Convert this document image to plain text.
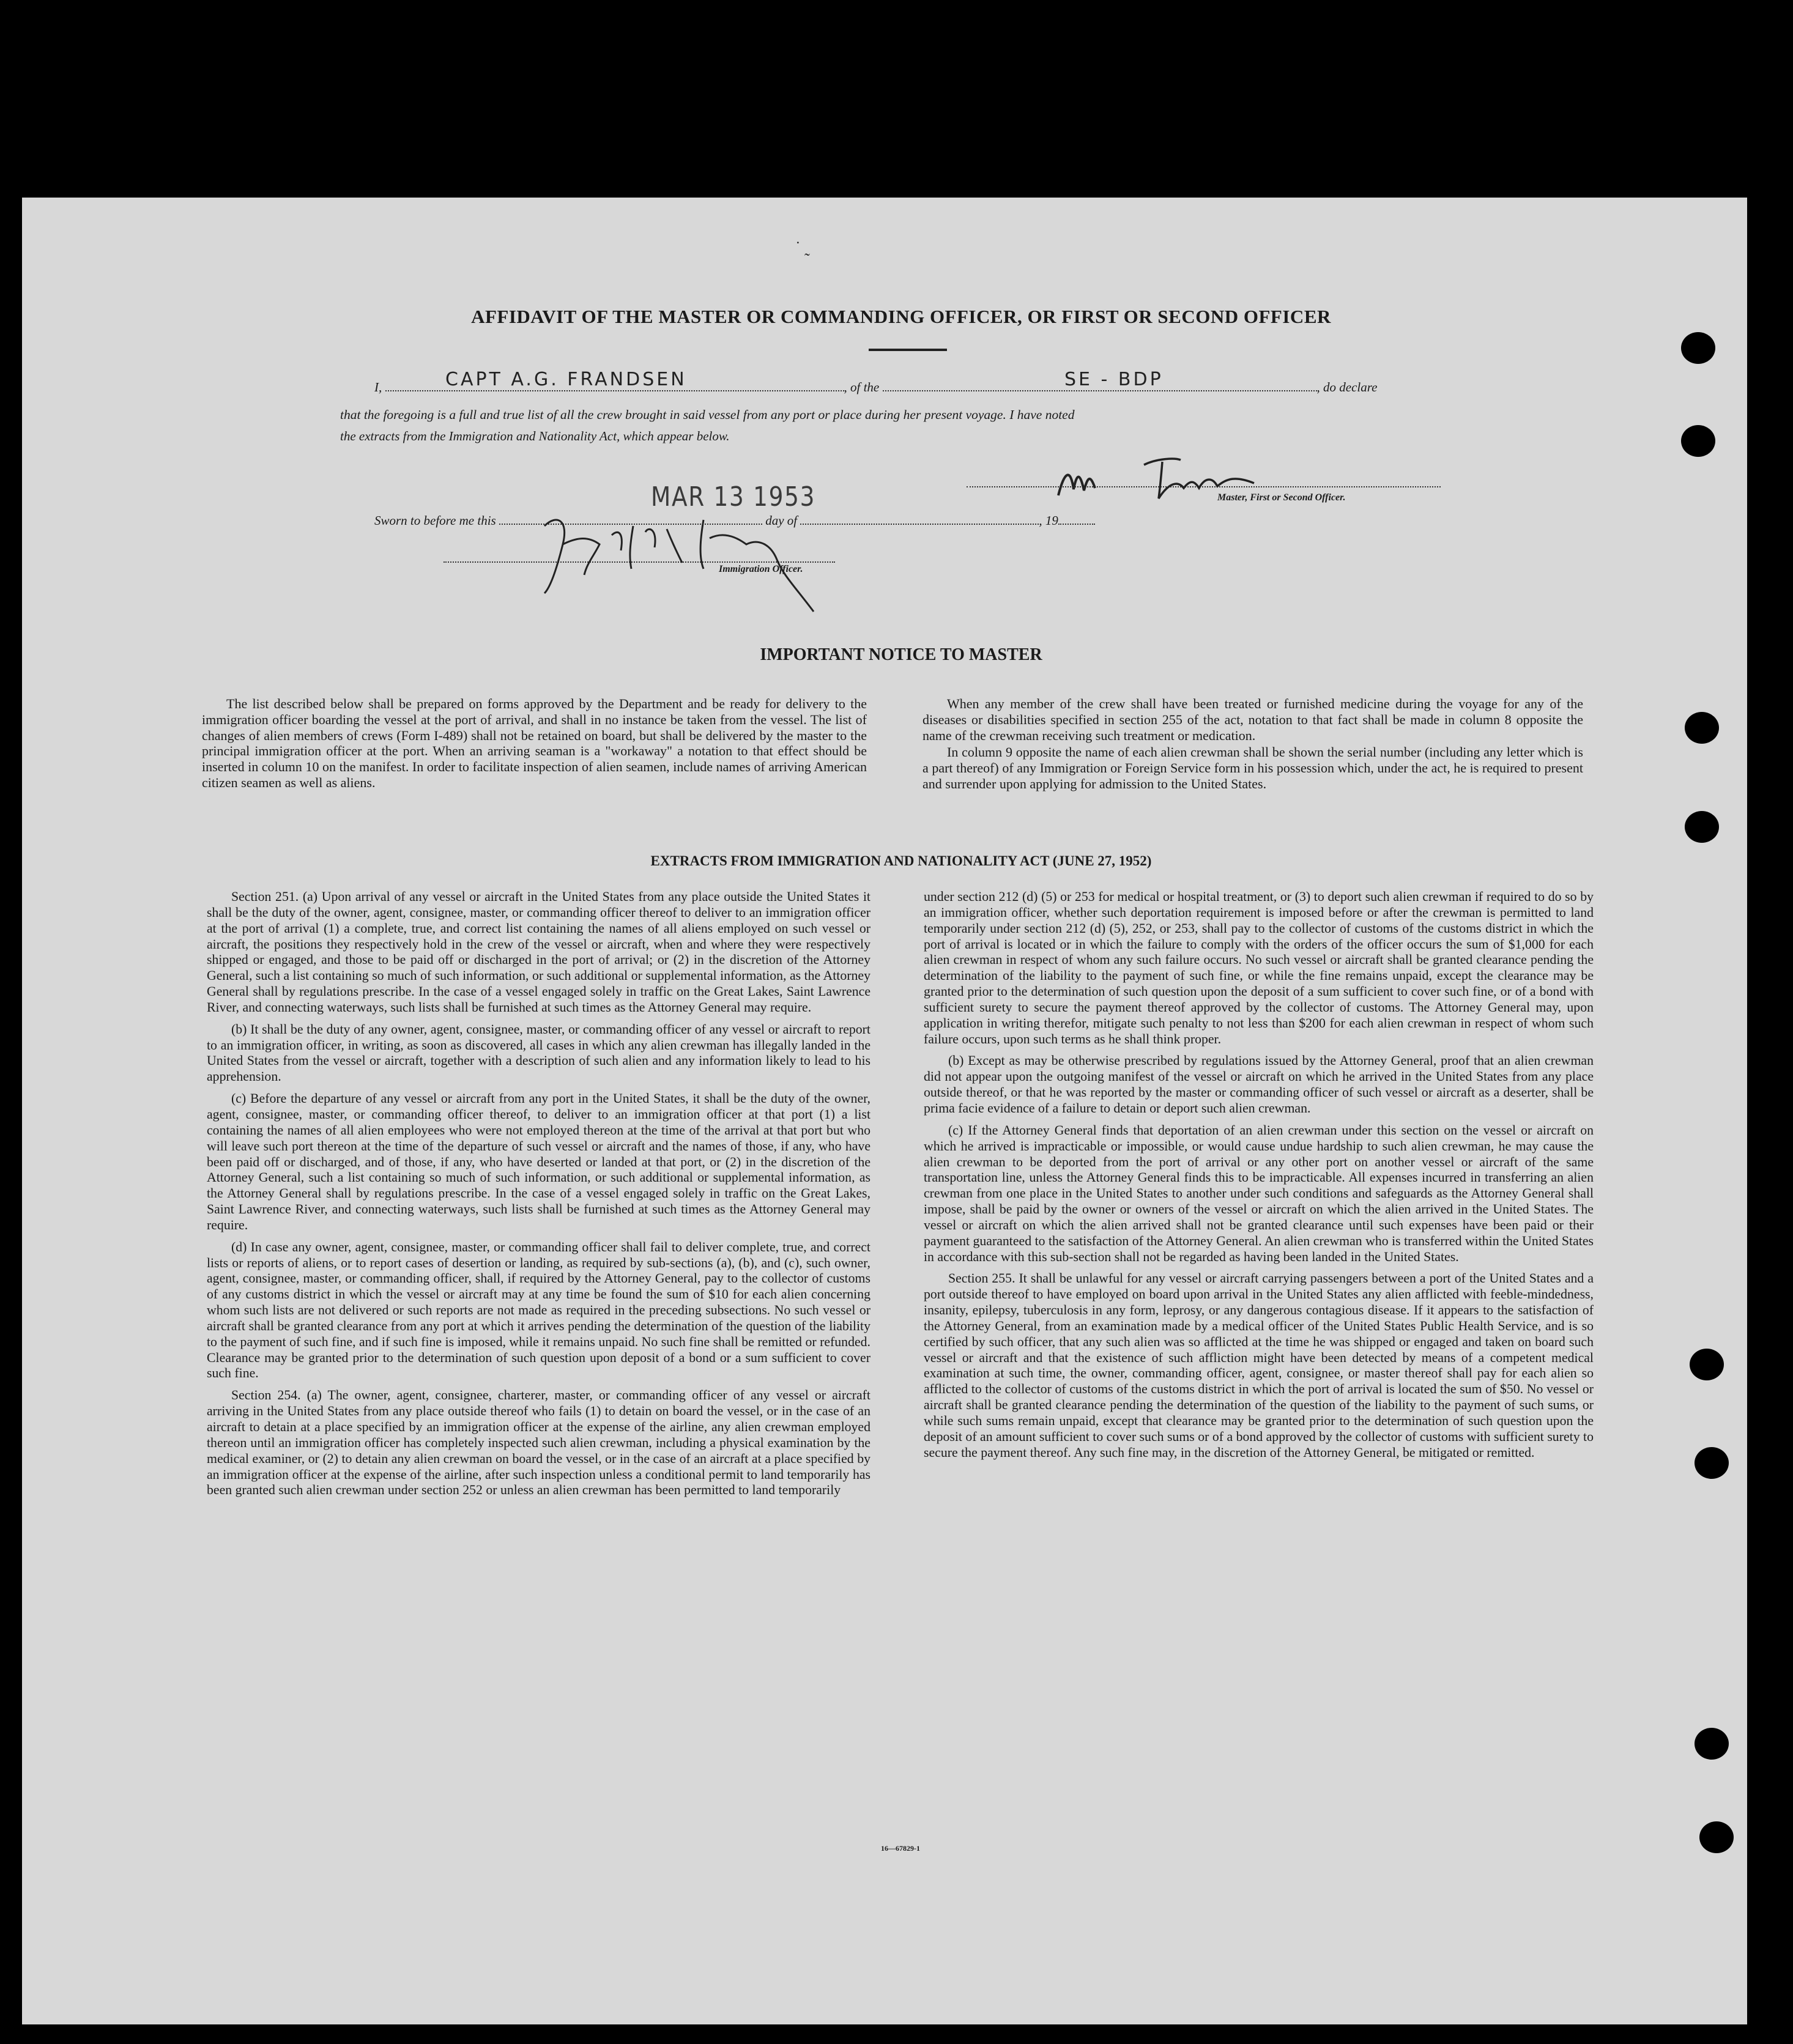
˙ ˷
AFFIDAVIT OF THE MASTER OR COMMANDING OFFICER, OR FIRST OR SECOND OFFICER
I,	, of the	, do declare
CAPT A.G. FRANDSEN	SE - BDP
that the foregoing is a full and true list of all the crew brought in said vessel from any port or place during her present voyage. I have noted
the extracts from the Immigration and Nationality Act, which appear below.
Master, First or Second Officer.
Sworn to before me this	day of	, 19
MAR 13 1953
Immigration Officer.
IMPORTANT NOTICE TO MASTER

The list described below shall be prepared on forms approved by the Department and be ready for delivery to the immigration officer boarding the vessel at the port of arrival, and shall in no instance be taken from the vessel. The list of changes of alien members of crews (Form I-489) shall not be retained on board, but shall be delivered by the master to the principal immigration officer at the port. When an arriving seaman is a "workaway" a notation to that effect should be inserted in column 10 on the manifest. In order to facilitate inspection of alien seamen, include names of arriving American citizen seamen as well as aliens.

When any member of the crew shall have been treated or furnished medicine during the voyage for any of the diseases or disabilities specified in section 255 of the act, notation to that fact shall be made in column 8 opposite the name of the crewman receiving such treatment or medication.

In column 9 opposite the name of each alien crewman shall be shown the serial number (including any letter which is a part thereof) of any Immigration or Foreign Service form in his possession which, under the act, he is required to present and surrender upon applying for admission to the United States.

EXTRACTS FROM IMMIGRATION AND NATIONALITY ACT (JUNE 27, 1952)

Section 251. (a) Upon arrival of any vessel or aircraft in the United States from any place outside the United States it shall be the duty of the owner, agent, consignee, master, or commanding officer thereof to deliver to an immigration officer at the port of arrival (1) a complete, true, and correct list containing the names of all aliens employed on such vessel or aircraft, the positions they respectively hold in the crew of the vessel or aircraft, when and where they were respectively shipped or engaged, and those to be paid off or discharged in the port of arrival; or (2) in the discretion of the Attorney General, such a list containing so much of such information, or such additional or supplemental information, as the Attorney General shall by regulations prescribe. In the case of a vessel engaged solely in traffic on the Great Lakes, Saint Lawrence River, and connecting waterways, such lists shall be furnished at such times as the Attorney General may require.

(b) It shall be the duty of any owner, agent, consignee, master, or commanding officer of any vessel or aircraft to report to an immigration officer, in writing, as soon as discovered, all cases in which any alien crewman has illegally landed in the United States from the vessel or aircraft, together with a description of such alien and any information likely to lead to his apprehension.

(c) Before the departure of any vessel or aircraft from any port in the United States, it shall be the duty of the owner, agent, consignee, master, or commanding officer thereof, to deliver to an immigration officer at that port (1) a list containing the names of all alien employees who were not employed thereon at the time of the arrival at that port but who will leave such port thereon at the time of the departure of such vessel or aircraft and the names of those, if any, who have been paid off or discharged, and of those, if any, who have deserted or landed at that port, or (2) in the discretion of the Attorney General, such a list containing so much of such information, or such additional or supplemental information, as the Attorney General shall by regulations prescribe. In the case of a vessel engaged solely in traffic on the Great Lakes, Saint Lawrence River, and connecting waterways, such lists shall be furnished at such times as the Attorney General may require.

(d) In case any owner, agent, consignee, master, or commanding officer shall fail to deliver complete, true, and correct lists or reports of aliens, or to report cases of desertion or landing, as required by sub-sections (a), (b), and (c), such owner, agent, consignee, master, or commanding officer, shall, if required by the Attorney General, pay to the collector of customs of any customs district in which the vessel or aircraft may at any time be found the sum of $10 for each alien concerning whom such lists are not delivered or such reports are not made as required in the preceding subsections. No such vessel or aircraft shall be granted clearance from any port at which it arrives pending the determination of the question of the liability to the payment of such fine, and if such fine is imposed, while it remains unpaid. No such fine shall be remitted or refunded. Clearance may be granted prior to the determination of such question upon deposit of a bond or a sum sufficient to cover such fine.

Section 254. (a) The owner, agent, consignee, charterer, master, or commanding officer of any vessel or aircraft arriving in the United States from any place outside thereof who fails (1) to detain on board the vessel, or in the case of an aircraft to detain at a place specified by an immigration officer at the expense of the airline, any alien crewman employed thereon until an immigration officer has completely inspected such alien crewman, including a physical examination by the medical examiner, or (2) to detain any alien crewman on board the vessel, or in the case of an aircraft at a place specified by an immigration officer at the expense of the airline, after such inspection unless a conditional permit to land temporarily has been granted such alien crewman under section 252 or unless an alien crewman has been permitted to land temporarily

under section 212 (d) (5) or 253 for medical or hospital treatment, or (3) to deport such alien crewman if required to do so by an immigration officer, whether such deportation requirement is imposed before or after the crewman is permitted to land temporarily under section 212 (d) (5), 252, or 253, shall pay to the collector of customs of the customs district in which the port of arrival is located or in which the failure to comply with the orders of the officer occurs the sum of $1,000 for each alien crewman in respect of whom any such failure occurs. No such vessel or aircraft shall be granted clearance pending the determination of the liability to the payment of such fine, or while the fine remains unpaid, except the clearance may be granted prior to the determination of such question upon the deposit of a sum sufficient to cover such fine, or of a bond with sufficient surety to secure the payment thereof approved by the collector of customs. The Attorney General may, upon application in writing therefor, mitigate such penalty to not less than $200 for each alien crewman in respect of whom such failure occurs, upon such terms as he shall think proper.

(b) Except as may be otherwise prescribed by regulations issued by the Attorney General, proof that an alien crewman did not appear upon the outgoing manifest of the vessel or aircraft on which he arrived in the United States from any place outside thereof, or that he was reported by the master or commanding officer of such vessel or aircraft as a deserter, shall be prima facie evidence of a failure to detain or deport such alien crewman.

(c) If the Attorney General finds that deportation of an alien crewman under this section on the vessel or aircraft on which he arrived is impracticable or impossible, or would cause undue hardship to such alien crewman, he may cause the alien crewman to be deported from the port of arrival or any other port on another vessel or aircraft of the same transportation line, unless the Attorney General finds this to be impracticable. All expenses incurred in transferring an alien crewman from one place in the United States to another under such conditions and safeguards as the Attorney General shall impose, shall be paid by the owner or owners of the vessel or aircraft on which the alien arrived in the United States. The vessel or aircraft on which the alien arrived shall not be granted clearance until such expenses have been paid or their payment guaranteed to the satisfaction of the Attorney General. An alien crewman who is transferred within the United States in accordance with this sub-section shall not be regarded as having been landed in the United States.

Section 255. It shall be unlawful for any vessel or aircraft carrying passengers between a port of the United States and a port outside thereof to have employed on board upon arrival in the United States any alien afflicted with feeble-mindedness, insanity, epilepsy, tuberculosis in any form, leprosy, or any dangerous contagious disease. If it appears to the satisfaction of the Attorney General, from an examination made by a medical officer of the United States Public Health Service, and is so certified by such officer, that any such alien was so afflicted at the time he was shipped or engaged and taken on board such vessel or aircraft and that the existence of such affliction might have been detected by means of a competent medical examination at such time, the owner, commanding officer, agent, consignee, or master thereof shall pay for each alien so afflicted to the collector of customs of the customs district in which the port of arrival is located the sum of $50. No vessel or aircraft shall be granted clearance pending the determination of the question of the liability to the payment of such sums, or while such sums remain unpaid, except that clearance may be granted prior to the determination of such question upon the deposit of an amount sufficient to cover such sums or of a bond approved by the collector of customs with sufficient surety to secure the payment thereof. Any such fine may, in the discretion of the Attorney General, be mitigated or remitted.

16—67829-1
